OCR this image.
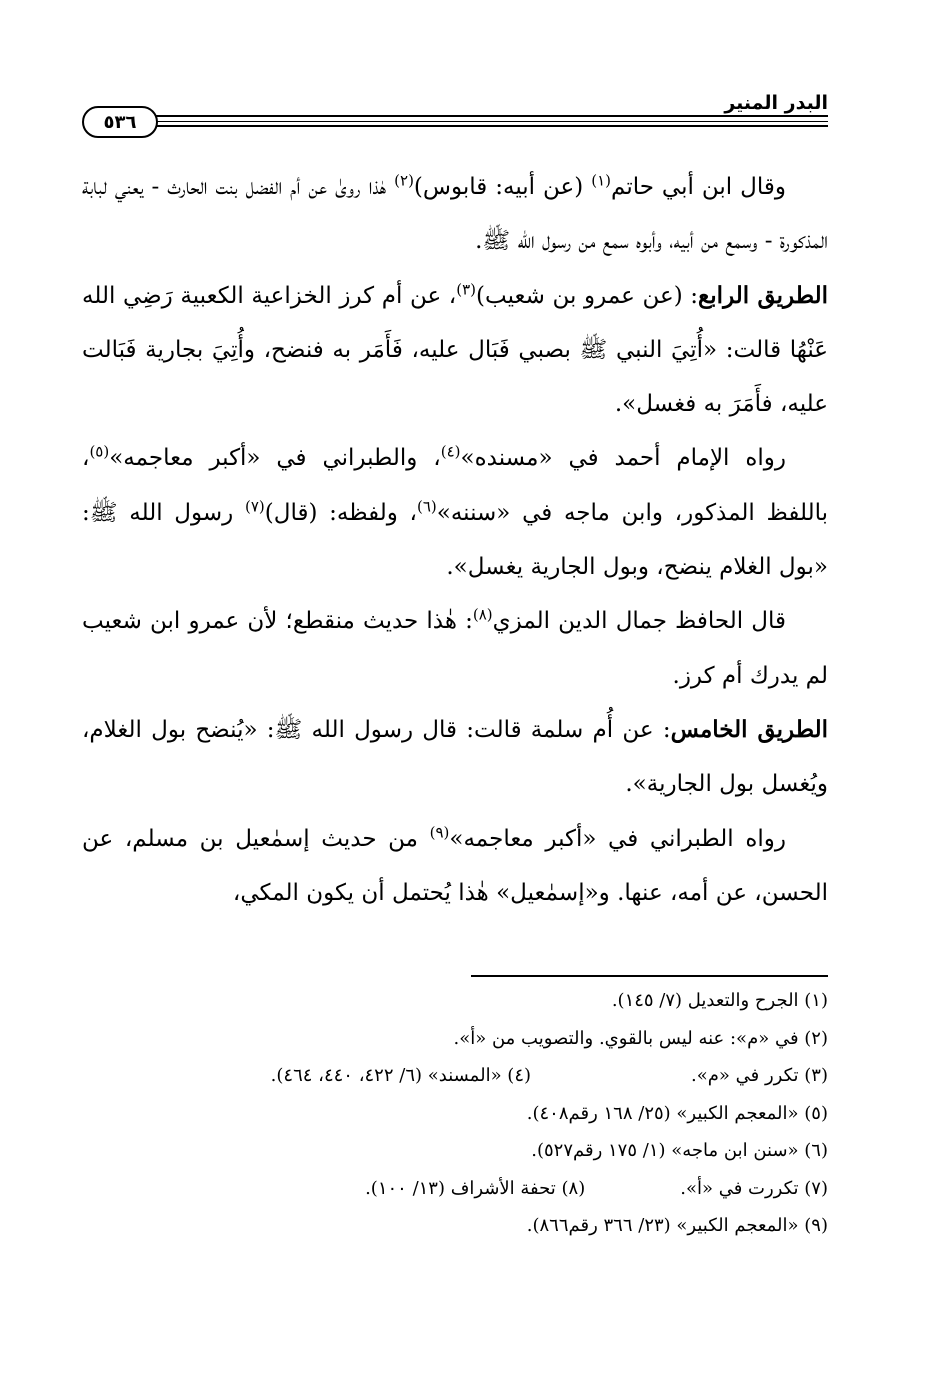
البدر المنير
٥٣٦

وقال ابن أبي حاتم$^{(١)}$ (عن أبيه: قابوس)$^{(٢)}$ هٰذا روىٰ عن أم الفضل بنت الحارث - يعني لبابة المذكورة - وسمع من أبيه، وأبوه سمع من رسول الله ﷺ.

الطريق الرابع: (عن عمرو بن شعيب)$^{(٣)}$، عن أم كرز الخزاعية الكعبية رَضِي الله عَنْهُا قالت: «أُتِيَ النبي ﷺ بصبي فَبَال عليه، فَأَمَر به فنضح، وأُتِيَ بجارية فَبَالت عليه، فأَمَرَ به فغسل».

رواه الإمام أحمد في «مسنده»$^{(٤)}$، والطبراني في «أكبر معاجمه»$^{(٥)}$، باللفظ المذكور، وابن ماجه في «سننه»$^{(٦)}$، ولفظه: (قال)$^{(٧)}$ رسول الله ﷺ: «بول الغلام ينضح، وبول الجارية يغسل».

قال الحافظ جمال الدين المزي$^{(٨)}$: هٰذا حديث منقطع؛ لأن عمرو ابن شعيب لم يدرك أم كرز.

الطريق الخامس: عن أُم سلمة قالت: قال رسول الله ﷺ: «يُنضح بول الغلام، ويُغسل بول الجارية».

رواه الطبراني في «أكبر معاجمه»$^{(٩)}$ من حديث إسمٰعيل بن مسلم، عن الحسن، عن أمه، عنها. و«إسمٰعيل» هٰذا يُحتمل أن يكون المكي،

(١) الجرح والتعديل (٧/ ١٤٥).
(٢) في «م»: عنه ليس بالقوي. والتصويب من «أ».
(٣) تكرر في «م».
(٤) «المسند» (٦/ ٤٢٢، ٤٤٠، ٤٦٤).
(٥) «المعجم الكبير» (٢٥/ ١٦٨ رقم٤٠٨).
(٦) «سنن ابن ماجه» (١/ ١٧٥ رقم٥٢٧).
(٧) تكررت في «أ».
(٨) تحفة الأشراف (١٣/ ١٠٠).
(٩) «المعجم الكبير» (٢٣/ ٣٦٦ رقم٨٦٦).
